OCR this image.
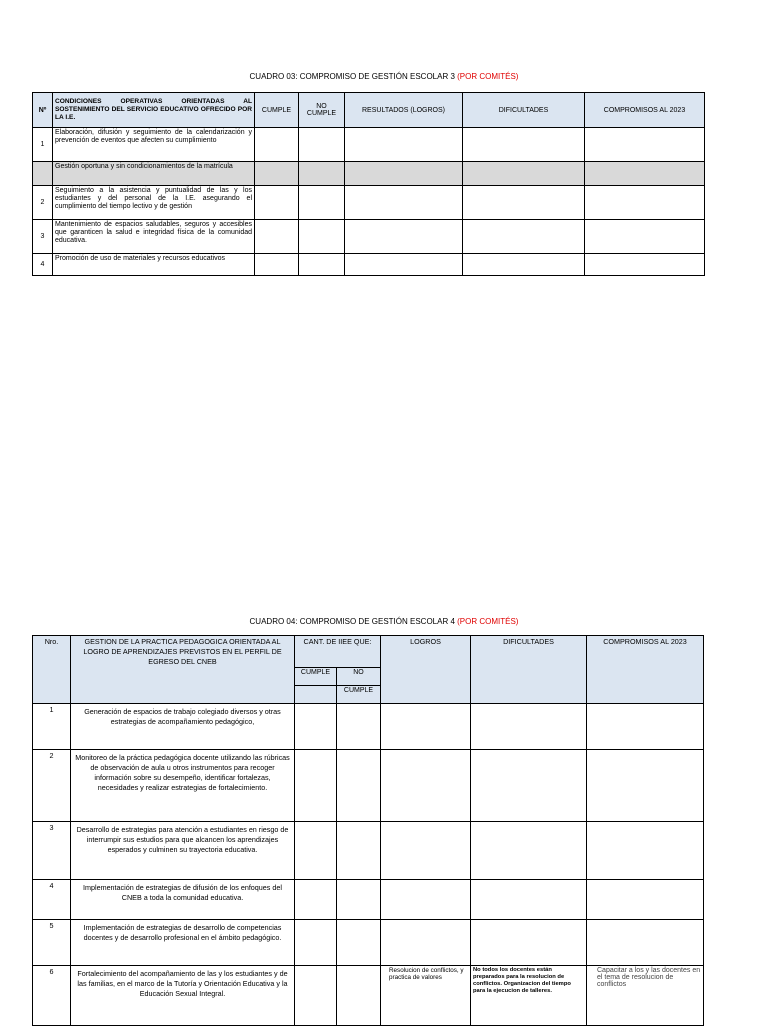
CUADRO 03: COMPROMISO DE GESTIÓN ESCOLAR 3 (POR COMITÉS)
Nº	CONDICIONES OPERATIVAS ORIENTADAS AL SOSTENIMIENTO DEL SERVICIO EDUCATIVO OFRECIDO POR LA I.E.	CUMPLE	NO CUMPLE	RESULTADOS (LOGROS)	DIFICULTADES	COMPROMISOS AL 2023
1	Elaboración, difusión y seguimiento de la calendarización y prevención de eventos que afecten su cumplimiento					
	Gestión oportuna y sin condicionamientos de la matrícula					
2	Seguimiento a la asistencia y puntualidad de las y los estudiantes y del personal de la I.E. asegurando el cumplimiento del tiempo lectivo y de gestión					
3	Mantenimiento de espacios saludables, seguros y accesibles que garanticen la salud e integridad física de la comunidad educativa.					
4	Promoción de uso de materiales y recursos educativos					
CUADRO 04: COMPROMISO DE GESTIÓN ESCOLAR 4 (POR COMITÉS)
Nro.	GESTION DE LA PRACTICA PEDAGOGICA ORIENTADA AL LOGRO DE APRENDIZAJES PREVISTOS EN EL PERFIL DE EGRESO DEL CNEB	CANT. DE IIEE QUE:		LOGROS	DIFICULTADES	COMPROMISOS AL 2023
		CUMPLE	NO			
			CUMPLE			
1	Generación de espacios de trabajo colegiado diversos y otras estrategias de acompañamiento pedagógico,					
2	Monitoreo de la práctica pedagógica docente utilizando las rúbricas de observación de aula u otros instrumentos para recoger información sobre su desempeño, identificar fortalezas, necesidades y realizar estrategias de fortalecimiento.					
3	Desarrollo de estrategias para atención a estudiantes en riesgo de interrumpir sus estudios para que alcancen los aprendizajes esperados y culminen su trayectoria educativa.					
4	Implementación de estrategias de difusión de los enfoques del CNEB a toda la comunidad educativa.					
5	Implementación de estrategias de desarrollo de competencias docentes y de desarrollo profesional en el ámbito pedagógico.					
6	Fortalecimiento del acompañamiento de las y los estudiantes y de las familias, en el marco de la Tutoría y Orientación Educativa y la Educación Sexual Integral.			Resolucion de conflictos, y practica de valores	No todos los docentes están preparados para la resolucion de conflictos. Organizacion del tiempo para la ejecucion de talleres.	Capacitar a los y las docentes en el tema de resolucion de conflictos
